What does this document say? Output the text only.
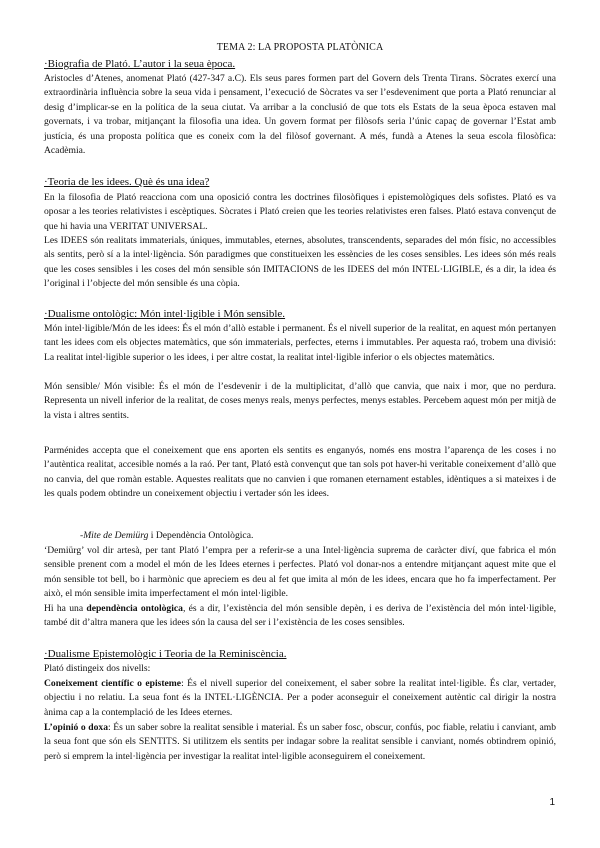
TEMA 2: LA PROPOSTA PLATÒNICA
·Biografia de Plató. L’autor i la seua època.

Aristocles d’Atenes, anomenat Plató (427-347 a.C). Els seus pares formen part del Govern dels Trenta Tirans. Sòcrates exercí una extraordinària influència sobre la seua vida i pensament, l’execució de Sòcrates va ser l’esdeveniment que porta a Plató renunciar al desig d’implicar-se en la política de la seua ciutat. Va arribar a la conclusió de que tots els Estats de la seua època estaven mal governats, i va trobar, mitjançant la filosofia una idea. Un govern format per filòsofs seria l’únic capaç de governar l’Estat amb justícia, és una proposta política que es coneix com la del filòsof governant. A més, fundà a Atenes la seua escola filosòfica: Acadèmia.

·Teoria de les idees. Què és una idea?

En la filosofia de Plató reacciona com una oposició contra les doctrines filosòfiques i epistemològiques dels sofistes. Plató es va oposar a les teories relativistes i escèptiques. Sòcrates i Plató creien que les teories relativistes eren falses. Plató estava convençut de que hi havia una VERITAT UNIVERSAL.

Les IDEES són realitats immaterials, úniques, immutables, eternes, absolutes, transcendents, separades del món físic, no accessibles als sentits, però sí a la intel·ligència. Són paradigmes que constitueixen les essències de les coses sensibles. Les idees són més reals que les coses sensibles i les coses del món sensible són IMITACIONS de les IDEES del món INTEL·LIGIBLE, és a dir, la idea és l’original i l’objecte del món sensible és una còpia.

·Dualisme ontològic: Món intel·ligible i Món sensible.

Món intel·ligible/Món de les idees: És el món d’allò estable i permanent. És el nivell superior de la realitat, en aquest món pertanyen tant les idees com els objectes matemàtics, que són immaterials, perfectes, eterns i immutables. Per aquesta raó, trobem una divisió: La realitat intel·ligible superior o les idees, i per altre costat, la realitat intel·ligible inferior o els objectes matemàtics.

Món sensible/ Món visible: És el món de l’esdevenir i de la multiplicitat, d’allò que canvia, que naix i mor, que no perdura. Representa un nivell inferior de la realitat, de coses menys reals, menys perfectes, menys estables. Percebem aquest món per mitjà de la vista i altres sentits.

Parménides accepta que el coneixement que ens aporten els sentits es enganyós, només ens mostra l’aparença de les coses i no l’autèntica realitat, accesible només a la raó. Per tant, Plató està convençut que tan sols pot haver-hi veritable coneixement d’allò que no canvia, del que romàn estable. Aquestes realitats que no canvien i que romanen eternament estables, idèntiques a si mateixes i de les quals podem obtindre un coneixement objectiu i vertader són les idees.

-Mite de Demiürg i Dependència Ontològica.

‘Demiürg’ vol dir artesà, per tant Plató l’empra per a referir-se a una Intel·ligència suprema de caràcter diví, que fabrica el món sensible prenent com a model el món de les Idees eternes i perfectes. Plató vol donar-nos a entendre mitjançant aquest mite que el món sensible tot bell, bo i harmònic que apreciem es deu al fet que imita al món de les idees, encara que ho fa imperfectament. Per això, el món sensible imita imperfectament el món intel·ligible.

Hi ha una dependència ontològica, és a dir, l’existència del món sensible depèn, i es deriva de l’existència del món intel·ligible, també dit d’altra manera que les idees són la causa del ser i l’existència de les coses sensibles.

·Dualisme Epistemològic i Teoria de la Reminiscència.

Plató distingeix dos nivells:

Coneixement científic o episteme: És el nivell superior del coneixement, el saber sobre la realitat intel·ligible. És clar, vertader, objectiu i no relatiu. La seua font és la INTEL·LIGÈNCIA. Per a poder aconseguir el coneixement autèntic cal dirigir la nostra ànima cap a la contemplació de les Idees eternes.

L’opinió o doxa: És un saber sobre la realitat sensible i material. És un saber fosc, obscur, confús, poc fiable, relatiu i canviant, amb la seua font que són els SENTITS. Si utilitzem els sentits per indagar sobre la realitat sensible i canviant, només obtindrem opinió, però si emprem la intel·ligència per investigar la realitat intel·ligible aconseguirem el coneixement.

1
